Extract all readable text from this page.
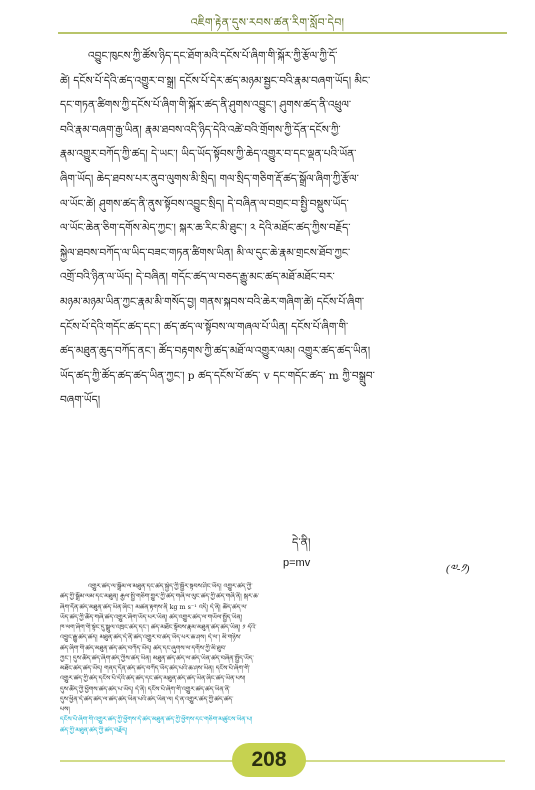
འཇིག་རྟེན་དུས་རབས་ཚན་རིག་སློབ་དེབ།
འབྱུང་ཁུངས་ཀྱི་ཚོས་ཉིད་དང་ཐོག་མའི་དངོས་པོ་ཞིག་གི་སྐོར་ཀྱི་རྩོལ་ཀྱི་དོ་
ཚེ། དངོས་པོ་དེའི་ཚད་འགྱུར་བ་སྒྲ། དངོས་པོ་དེར་ཚད་མཉམ་སྦྱང་བའི་རྣམ་བཞག་ཡོད། མིང་
དང་གཏན་ཚིགས་ཀྱི་དངོས་པོ་ཞིག་གི་སྐོར་ཚད་ནི་ཤུགས་འབྱུང་། ཤུགས་ཚད་ནི་འཕྲུལ་
བའི་རྣམ་བཞག་རྒྱ་ཡིན། རྣམ་ཐབས་འདི་ཉིད་དེའི་འཚེ་བའི་གྲོགས་ཀྱི་དོན་དངོས་ཀྱི་
རྣམ་འགྱུར་བཀོད་ཀྱི་ཚད། དེ་ཡང་། ཡིད་ཡོད་སྟོབས་ཀྱི་ཆེད་འགྱུར་བ་དང་ལྡན་པའི་ཡོན་
ཞིག་ཡོད། ཆེད་ཐབས་པར་ནུབ་ལུགས་མི་སྲིད། གལ་སྲིད་གཅིག་རྡོ་ཚད་སྒྲོལ་ཞིག་ཀྱི་རྩོལ་
ལ་ཡོང་ཚེ། ཤུགས་ཚད་ནི་ནུས་སྟོབས་འབྱུང་སྲིད། དེ་བཞིན་ལ་བགྲང་བ་སྤྱི་བསྡུས་ཡོད་
ལ་ཡོང་ཆེན་ཅིག་དགོས་མེད་ཀྱང་། སྐར་ཆ་རིང་མི་ཐུང་། ༢ དེའི་མཐོང་ཚད་ཀྱིས་བརྗོད་
སྐྱེལ་ཐབས་བཀོད་ལ་ཡིད་བཟང་གཏན་ཚིགས་ཡིན། མི་ལ་དུང་ཆེ་རྣམ་གྲངས་ཐོབ་ཀྱང་
འགྲོ་བའི་ཉིན་ལ་ཡོད། དེ་བཞིན། གདོང་ཚད་ལ་བཅད་རྒྱུ་མང་ཚད་མཐོ་མཐོང་བར་
མཉམ་མཉམ་ཡིན་ཀྱང་རྣམ་མི་གསོད་བྱ། གནས་སྐབས་བའི་ཆེར་གཞིག་ཚེ། དངོས་པོ་ཞིག་
དངོས་པོ་དེའི་གདོང་ཚད་དང་། ཚད་ཚད་ལ་སྟོབས་ལ་གཞལ་པོ་ཡིན། དངོས་པོ་ཞིག་གི་
ཚད་མཐུན་ཆུད་བཀོད་ནང་། ཚོད་བརྟགས་ཀྱི་ཚད་མཐོ་ལ་འགྱུར་ལམ། འགྱུར་ཚད་ཚད་ཡིན།
ཡོད་ཚད་ཀྱི་ཚོད་ཚད་ཚད་ཡིན་ཀྱང་། p ཚད་དངོས་པོ་ཚད་ v དང་གདོང་ཚད་ m ཀྱི་བསྒྲུབ་
བཞག་ཡོད།
དེ་ནི།
p=mv	(༧-༡)
འགྱུར་ཚད་ལ་སྒྲོམ་ལ་མཐུན་དང་ཚད་སྐྱེད་ཀྱི་སྦྱོར་སྟབས་ཤིང་ཡོད། འགྱུར་ཚད་ཀྱི་
ཚད་ཀྱི་སྒྲོམ་ལམ་དང་མཐུན། རྒྱལ་སྤྱི་གཅིག་གྱུར་ཀྱི་ཚད་གཞི་ལ་ལུང་ཚད་ཀྱི་ཚད་གཞི་ནི། སྐར་ཆ་
ཞིག་དོན་ཚད་མཐུན་ཚད་ཡིན་ཞིང་། མཚན་རྟགས་ནི kg m s⁻¹ འདི། དེ་ནི། ཚོད་ཚད་ལ་
ཡོད་ཚད་ཀྱི་ཚོད་གཞི་ཚད་འགྱུར་ཞིག་ཡོད་པར་ཡིན། ཚད་འགྱུར་ཚད་ལ་གཡོལ་སྤྱོད་ཡིན།
ཁ་ལག་ཞིག་གི་སྟེང་དུ་སྦྲུལ་འཁྲང་ཚད་དང་། ཚད་མཐོང་སྟོབས་རྣམ་མཐུན་ཚད་ཚད་ཡིན། ༡ དེའི་
འབྱུང་རྒྱུ་ཚད་ཚད། མཐུན་ཚད་དེ་ནི་ཚད་འགྱུར་བ་ཚད་ཡོད་པར་ཆ་ཤས། དེ་ལ་། མི་གཉིས་
ཚད་ཞིག་གི་ཚད་མཐུན་ཚད་ཚད་བཀོད་ཡོད། ཚད་དང་ཞུགས་ལ་དགོས་ཀྱི་མི་ཐུབ་
ཀྱང་། དུས་ཚོད་ཚད་ཞིག་ཚད་ཀྱིས་ཚད་ཡིན། མཐུན་ཚད་ཚད་ལ་ཚད་ཡིན་ཚད་བཞིན་སྤྱོད་ཡོད་
མཐོང་ཚད་ཚད་ཡོད། གནད་དོན་ཚད་ཚད་བཀོད་ཡོད་ཚད་པའི་ཆ་ཤས་ཡིན། དངོས་པོ་ཞིག་གི་
འགྱུར་ཚད་ཀྱི་ཚད་དངོས་པོ་དེའི་ཚད་ཚད་དང་ཚད་མཐུན་ཚད་ཚད་ཡིན་ཞིང་ཚད་ཡིན་པས།
དུས་ཚོད་ཀྱི་ཕྱོགས་ཚད་ཚད་པ་ཡོད། དེ་ནི། དངོས་པོ་ཞིག་གི་འགྱུར་ཚད་ཚད་ཡིན་ནི་
དུས་ཕྱིན་དེ་ཚད་ཚད་ལ་ཚད་ཚད་ཡིན་པའི་ཚད་ཡིན་ལ། དེ་ན་འགྱུར་ཚད་ཀྱི་ཚད་ཚད་
པས།
དངོས་པོ་ཞིག་གི་འགྱུར་ཚད་ཀྱི་ཕྱོགས་དེ་ཚད་མཐུན་ཚད་ཀྱི་ཕྱོགས་དང་གཅིག་མཚུངས་ཡིན་པ།
ཚད་ཀྱི་མཐུན་ཚད་ཀྱི་ཚད་བརྗོད།
208
